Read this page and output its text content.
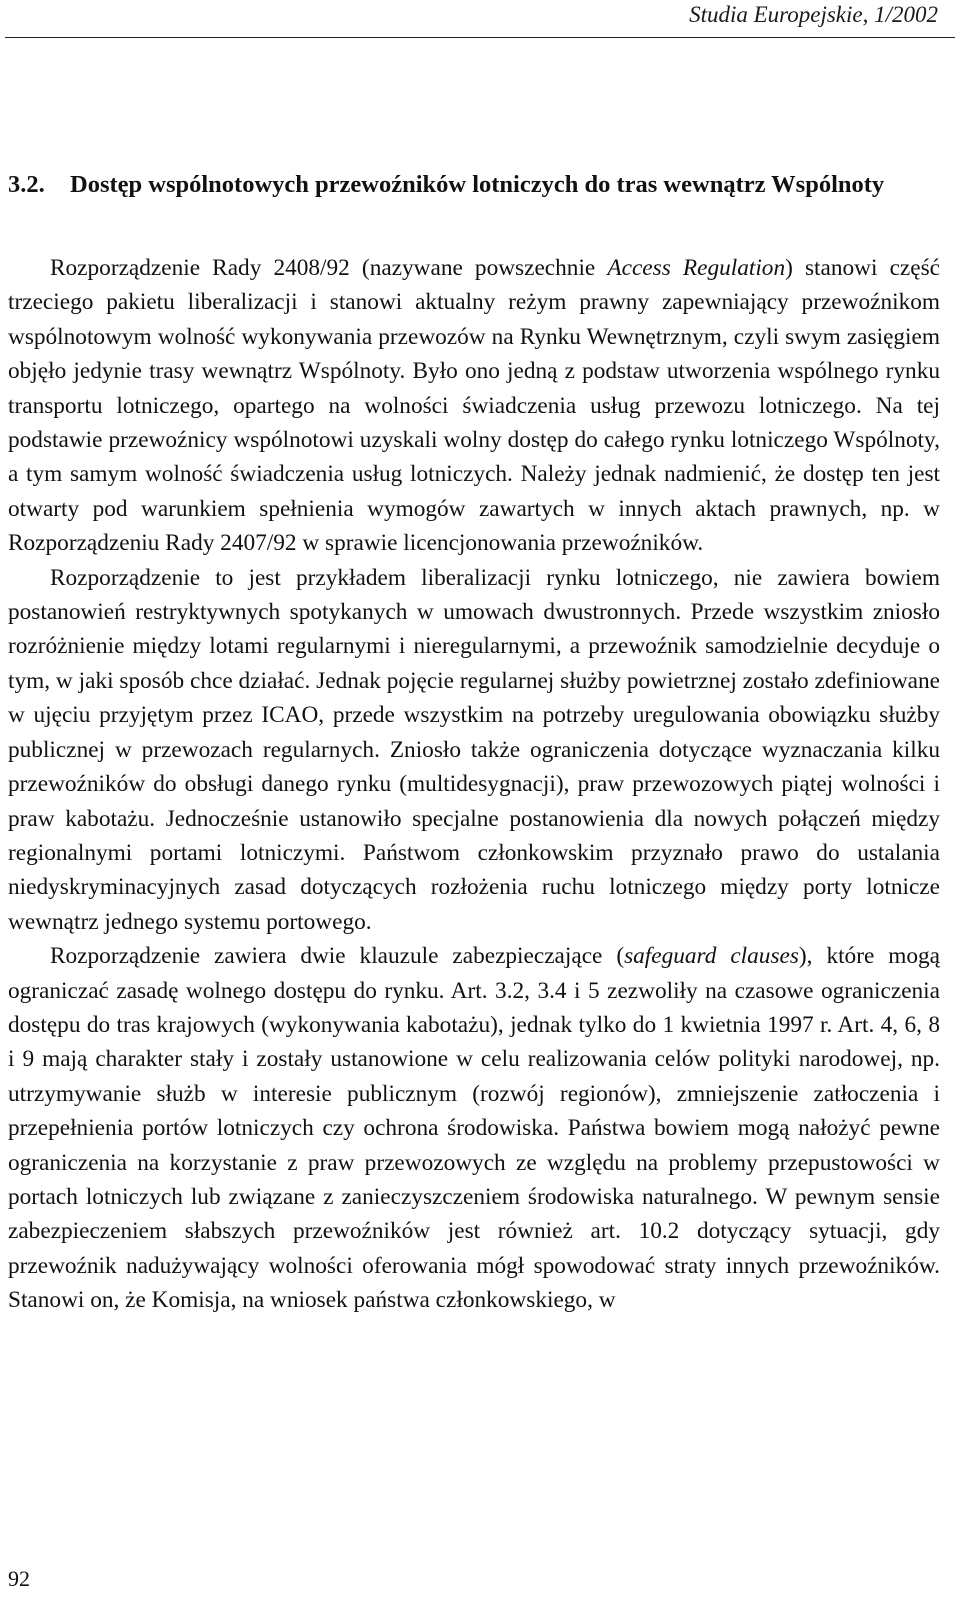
Studia Europejskie, 1/2002
3.2. Dostęp wspólnotowych przewoźników lotniczych do tras wewnątrz Wspólnoty

Rozporządzenie Rady 2408/92 (nazywane powszechnie Access Regulation) stanowi część trzeciego pakietu liberalizacji i stanowi aktualny reżym prawny zapewniający przewoźnikom wspólnotowym wolność wykonywania przewozów na Rynku Wewnętrznym, czyli swym zasięgiem objęło jedynie trasy wewnątrz Wspólnoty. Było ono jedną z podstaw utworzenia wspólnego rynku transportu lotniczego, opartego na wolności świadczenia usług przewozu lotniczego. Na tej podstawie przewoźnicy wspólnotowi uzyskali wolny dostęp do całego rynku lotniczego Wspólnoty, a tym samym wolność świadczenia usług lotniczych. Należy jednak nadmienić, że dostęp ten jest otwarty pod warunkiem spełnienia wymogów zawartych w innych aktach prawnych, np. w Rozporządzeniu Rady 2407/92 w sprawie licencjonowania przewoźników.

Rozporządzenie to jest przykładem liberalizacji rynku lotniczego, nie zawiera bowiem postanowień restryktywnych spotykanych w umowach dwustronnych. Przede wszystkim zniosło rozróżnienie między lotami regularnymi i nieregularnymi, a przewoźnik samodzielnie decyduje o tym, w jaki sposób chce działać. Jednak pojęcie regularnej służby powietrznej zostało zdefiniowane w ujęciu przyjętym przez ICAO, przede wszystkim na potrzeby uregulowania obowiązku służby publicznej w przewozach regularnych. Zniosło także ograniczenia dotyczące wyznaczania kilku przewoźników do obsługi danego rynku (multidesygnacji), praw przewozowych piątej wolności i praw kabotażu. Jednocześnie ustanowiło specjalne postanowienia dla nowych połączeń między regionalnymi portami lotniczymi. Państwom członkowskim przyznało prawo do ustalania niedyskryminacyjnych zasad dotyczących rozłożenia ruchu lotniczego między porty lotnicze wewnątrz jednego systemu portowego.

Rozporządzenie zawiera dwie klauzule zabezpieczające (safeguard clauses), które mogą ograniczać zasadę wolnego dostępu do rynku. Art. 3.2, 3.4 i 5 zezwoliły na czasowe ograniczenia dostępu do tras krajowych (wykonywania kabotażu), jednak tylko do 1 kwietnia 1997 r. Art. 4, 6, 8 i 9 mają charakter stały i zostały ustanowione w celu realizowania celów polityki narodowej, np. utrzymywanie służb w interesie publicznym (rozwój regionów), zmniejszenie zatłoczenia i przepełnienia portów lotniczych czy ochrona środowiska. Państwa bowiem mogą nałożyć pewne ograniczenia na korzystanie z praw przewozowych ze względu na problemy przepustowości w portach lotniczych lub związane z zanieczyszczeniem środowiska naturalnego. W pewnym sensie zabezpieczeniem słabszych przewoźników jest również art. 10.2 dotyczący sytuacji, gdy przewoźnik nadużywający wolności oferowania mógł spowodować straty innych przewoźników. Stanowi on, że Komisja, na wniosek państwa członkowskiego, w

92
